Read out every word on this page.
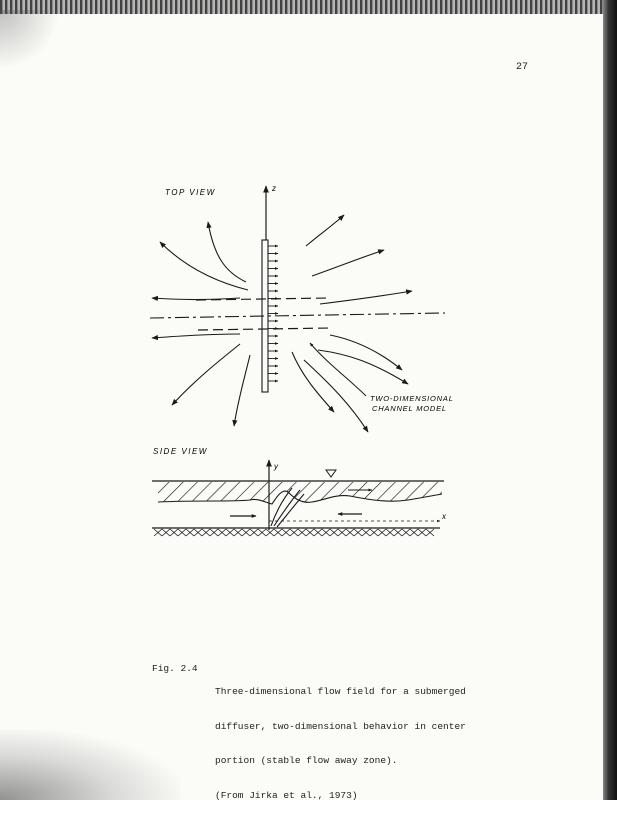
27
TOP VIEW	z
TWO-DIMENSIONAL
CHANNEL MODEL
SIDE VIEW
y
x

Fig. 2.4

Three-dimensional flow field for a submerged

diffuser, two-dimensional behavior in center

portion (stable flow away zone).

(From Jirka et al., 1973)
